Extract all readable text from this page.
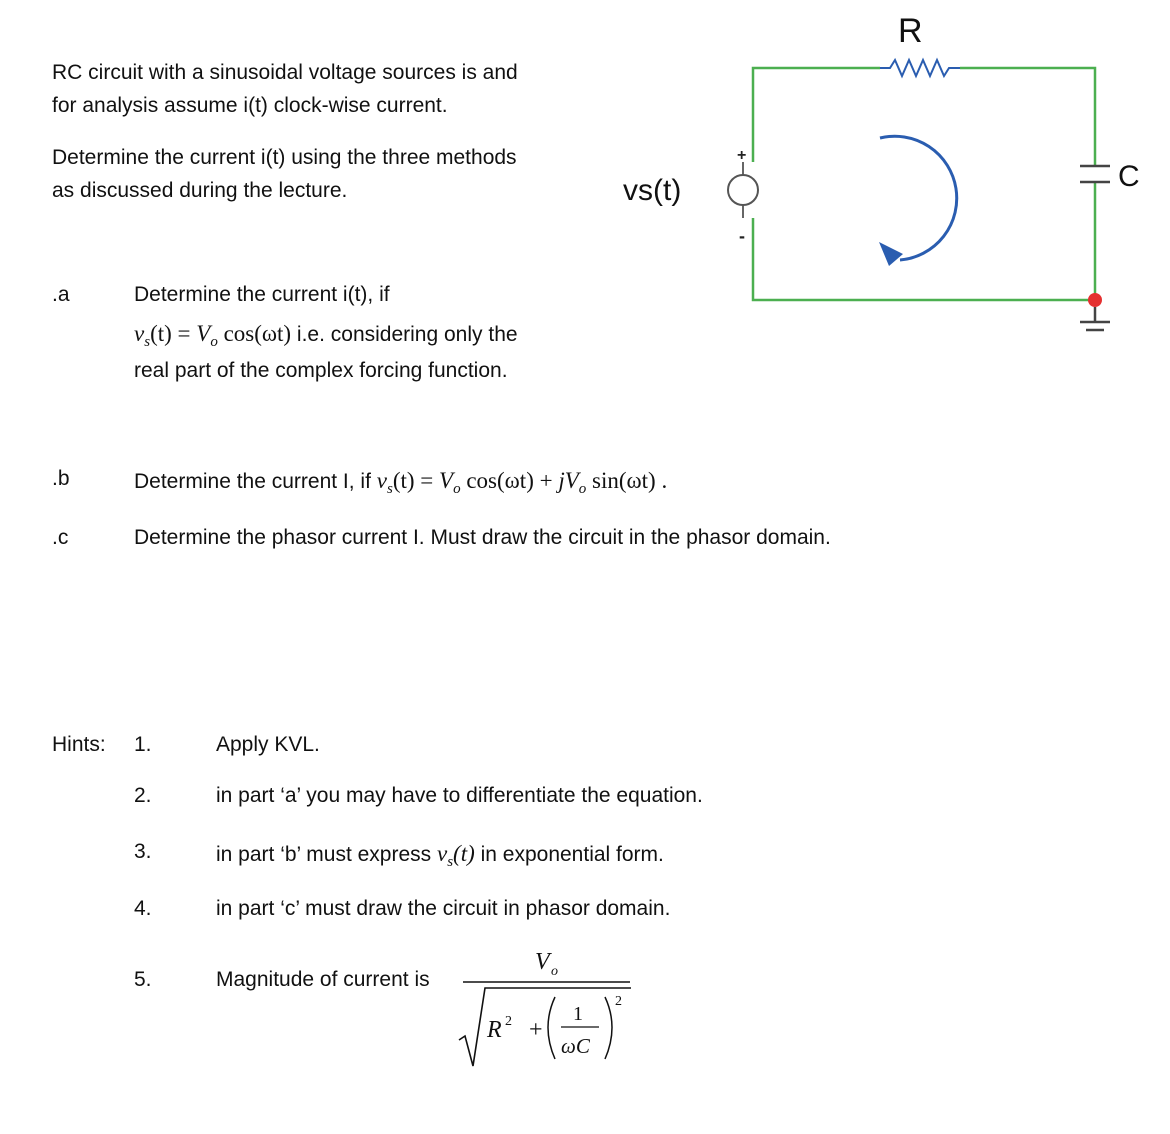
RC circuit with a sinusoidal voltage sources is and
for analysis assume i(t) clock-wise current.
Determine the current i(t) using the three methods
as discussed during the lecture.
+
-
vs(t)
R
C
.a	Determine the current i(t), if
$v_s(t) = V_o$ cos(ωt) i.e. considering only the
real part of the complex forcing function.
.b	Determine the current I, if $v_s(t) = V_o$ $\cos(\omega t) + jV_o$ sin(ωt) .
.c	Determine the phasor current I. Must draw the circuit in the phasor domain.
Hints: 1.	Apply KVL.
2.	in part ‘a’ you may have to differentiate the equation.
3.	in part ‘b’ must express $v_s(t)$ in exponential form.
4.	in part ‘c’ must draw the circuit in phasor domain.
5.	Magnitude of current is
V o
R 2 +
1
ωC
2
